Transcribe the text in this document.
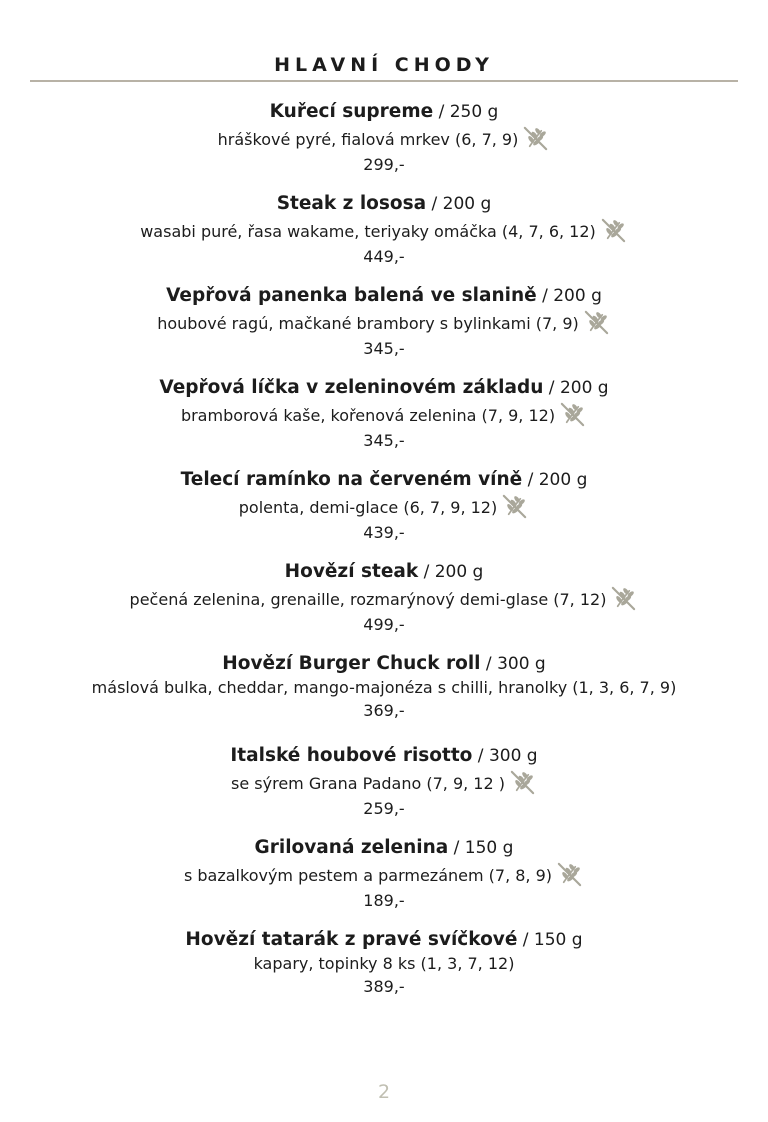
HLAVNÍ CHODY
Kuřecí supreme / 250 g
hráškové pyré, fialová mrkev (6, 7, 9)
299,-
Steak z lososa / 200 g
wasabi puré, řasa wakame, teriyaky omáčka (4, 7, 6, 12)
449,-
Vepřová panenka balená ve slanině / 200 g
houbové ragú, mačkané brambory s bylinkami (7, 9)
345,-
Vepřová líčka v zeleninovém základu / 200 g
bramborová kaše, kořenová zelenina (7, 9, 12)
345,-
Telecí ramínko na červeném víně / 200 g
polenta, demi-glace (6, 7, 9, 12)
439,-
Hovězí steak / 200 g
pečená zelenina, grenaille, rozmarýnový demi-glase (7, 12)
499,-
Hovězí Burger Chuck roll / 300 g
máslová bulka, cheddar, mango-majonéza s chilli, hranolky (1, 3, 6, 7, 9)
369,-
Italské houbové risotto / 300 g
se sýrem Grana Padano (7, 9, 12 )
259,-
Grilovaná zelenina / 150 g
s bazalkovým pestem a parmezánem (7, 8, 9)
189,-
Hovězí tatarák z pravé svíčkové / 150 g
kapary, topinky 8 ks (1, 3, 7, 12)
389,-
2
